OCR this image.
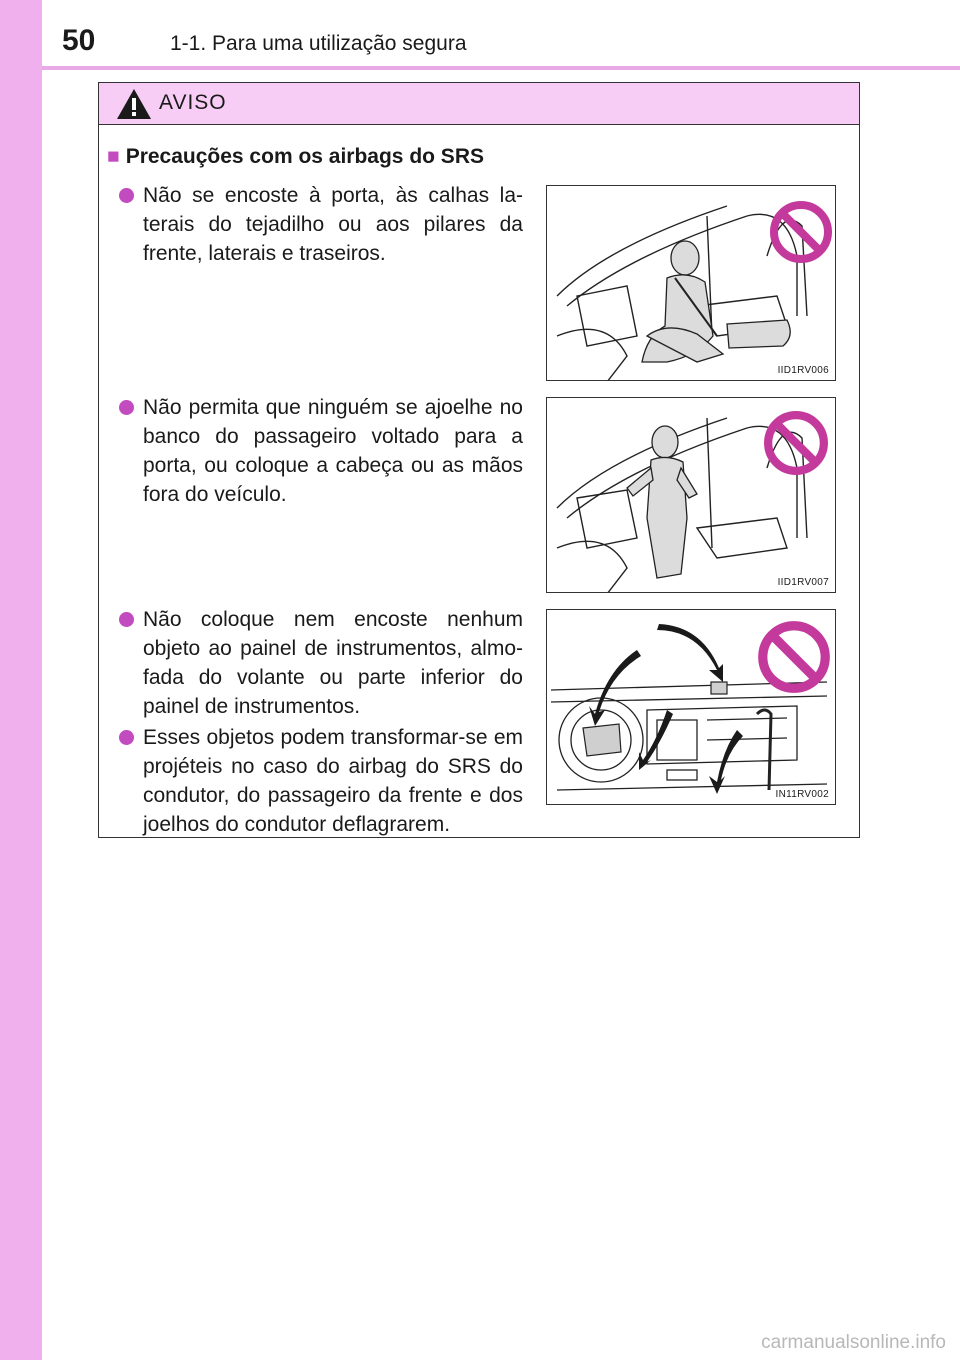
50	1-1. Para uma utilização segura
AVISO
■ Precauções com os airbags do SRS
Não se encoste à porta, às calhas la-terais do tejadilho ou aos pilares da frente, laterais e traseiros.
Não permita que ninguém se ajoelhe no banco do passageiro voltado para a porta, ou coloque a cabeça ou as mãos fora do veículo.
Não coloque nem encoste nenhum objeto ao painel de instrumentos, almo-fada do volante ou parte inferior do painel de instrumentos.
Esses objetos podem transformar-se em projéteis no caso do airbag do SRS do condutor, do passageiro da frente e dos joelhos do condutor deflagrarem.
IID1RV006
IID1RV007
IN11RV002
carmanualsonline.info
